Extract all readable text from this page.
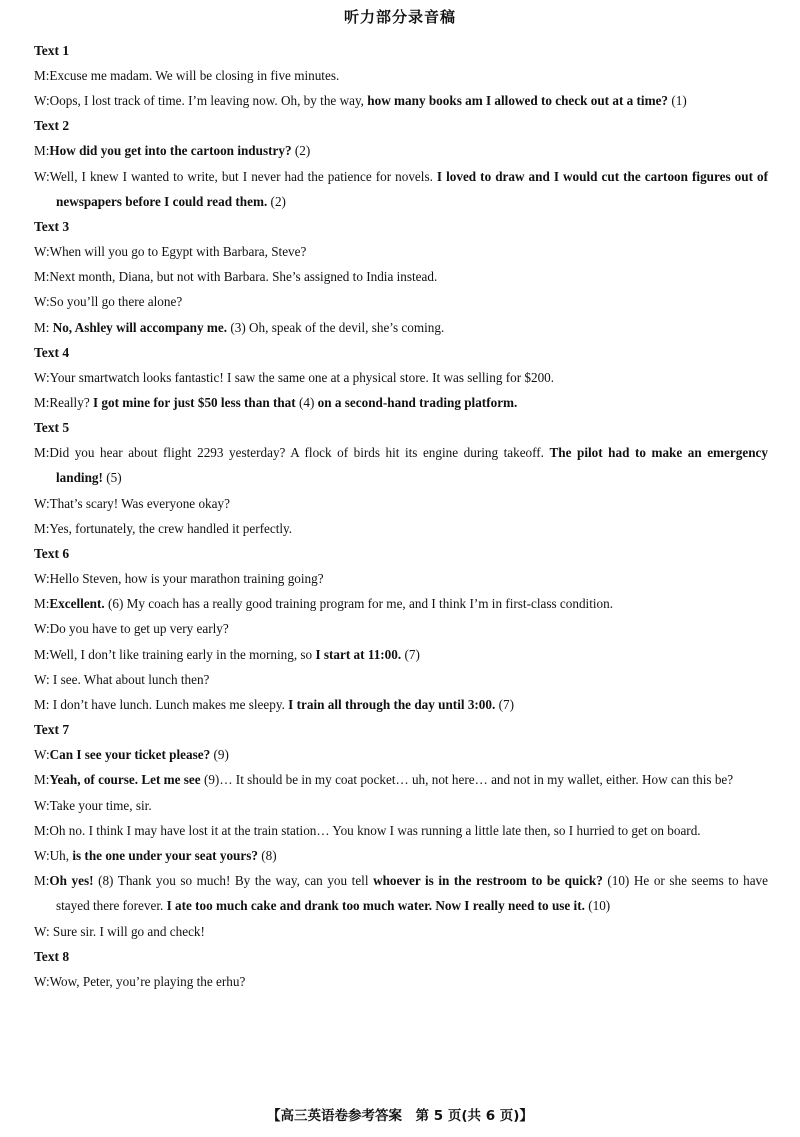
听力部分录音稿
Text 1
M:Excuse me madam. We will be closing in five minutes.
W:Oops, I lost track of time. I’m leaving now. Oh, by the way, how many books am I allowed to check out at a time? (1)
Text 2
M:How did you get into the cartoon industry? (2)
W:Well, I knew I wanted to write, but I never had the patience for novels. I loved to draw and I would cut the cartoon figures out of newspapers before I could read them. (2)
Text 3
W:When will you go to Egypt with Barbara, Steve?
M:Next month, Diana, but not with Barbara. She’s assigned to India instead.
W:So you’ll go there alone?
M: No, Ashley will accompany me. (3) Oh, speak of the devil, she’s coming.
Text 4
W:Your smartwatch looks fantastic! I saw the same one at a physical store. It was selling for $200.
M:Really? I got mine for just $50 less than that (4) on a second-hand trading platform.
Text 5
M:Did you hear about flight 2293 yesterday? A flock of birds hit its engine during takeoff. The pilot had to make an emergency landing! (5)
W:That’s scary! Was everyone okay?
M:Yes, fortunately, the crew handled it perfectly.
Text 6
W:Hello Steven, how is your marathon training going?
M:Excellent. (6) My coach has a really good training program for me, and I think I’m in first-class condition.
W:Do you have to get up very early?
M:Well, I don’t like training early in the morning, so I start at 11:00. (7)
W: I see. What about lunch then?
M: I don’t have lunch. Lunch makes me sleepy. I train all through the day until 3:00. (7)
Text 7
W:Can I see your ticket please? (9)
M:Yeah, of course. Let me see (9)… It should be in my coat pocket… uh, not here… and not in my wallet, either. How can this be?
W:Take your time, sir.
M:Oh no. I think I may have lost it at the train station… You know I was running a little late then, so I hurried to get on board.
W:Uh, is the one under your seat yours? (8)
M:Oh yes! (8) Thank you so much! By the way, can you tell whoever is in the restroom to be quick? (10) He or she seems to have stayed there forever. I ate too much cake and drank too much water. Now I really need to use it. (10)
W: Sure sir. I will go and check!
Text 8
W:Wow, Peter, you’re playing the erhu?
【高三英语卷参考答案　第 5 页(共 6 页)】
